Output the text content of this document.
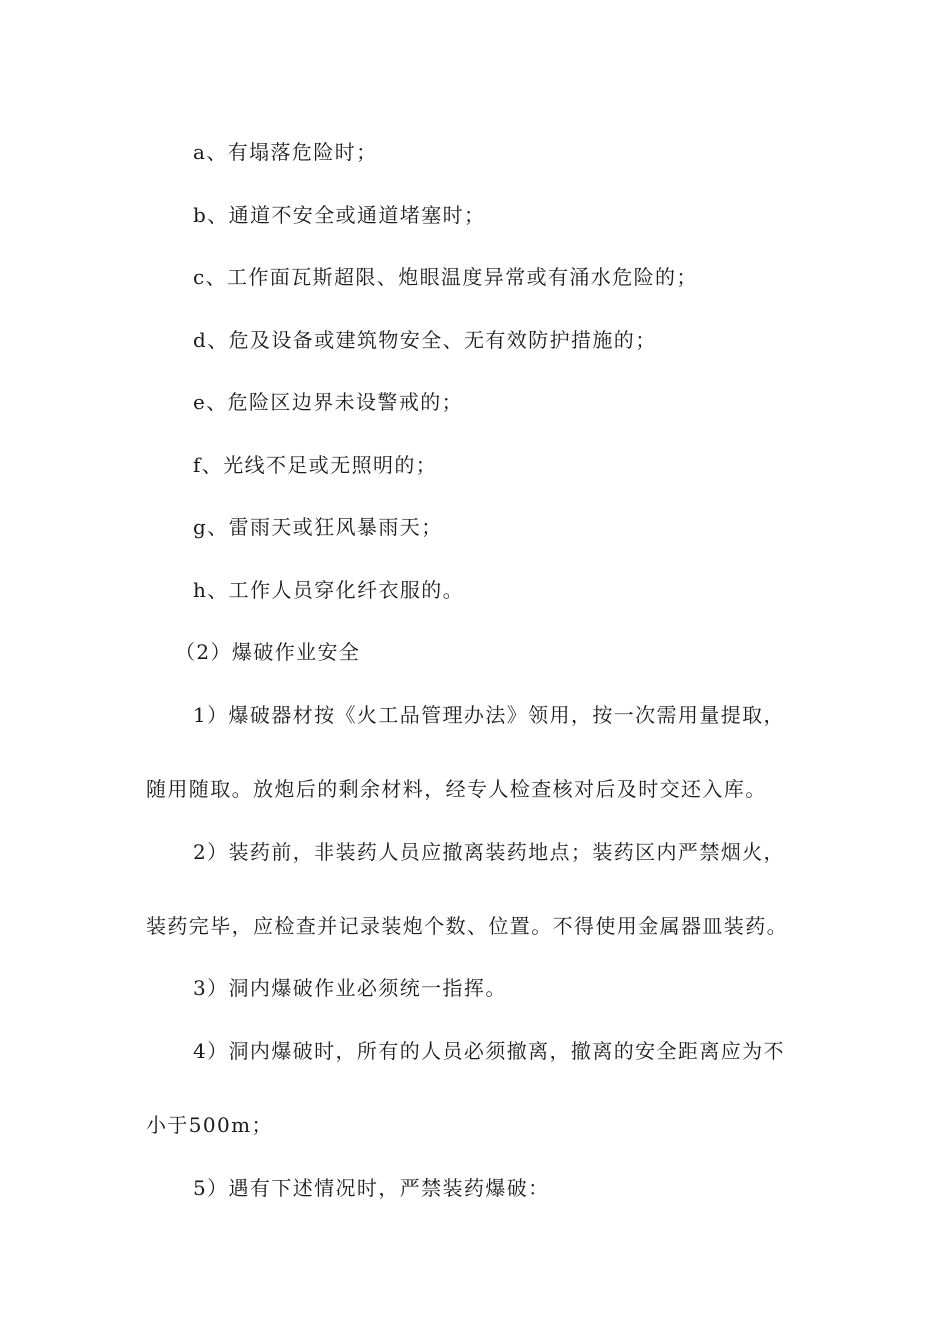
a、有塌落危险时；
b、通道不安全或通道堵塞时；
c、工作面瓦斯超限、炮眼温度异常或有涌水危险的；
d、危及设备或建筑物安全、无有效防护措施的；
e、危险区边界未设警戒的；
f、光线不足或无照明的；
g、雷雨天或狂风暴雨天；
h、工作人员穿化纤衣服的。
（2）爆破作业安全
1）爆破器材按《火工品管理办法》领用，按一次需用量提取，
随用随取。放炮后的剩余材料，经专人检查核对后及时交还入库。
2）装药前，非装药人员应撤离装药地点；装药区内严禁烟火，
装药完毕，应检查并记录装炮个数、位置。不得使用金属器皿装药。
3）洞内爆破作业必须统一指挥。
4）洞内爆破时，所有的人员必须撤离，撤离的安全距离应为不
小于500m；
5）遇有下述情况时，严禁装药爆破：
